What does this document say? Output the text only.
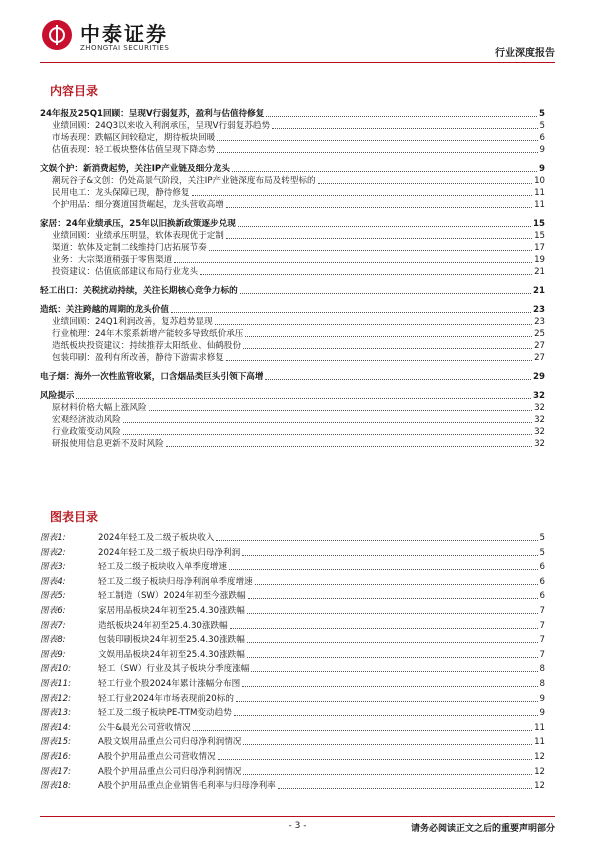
中泰证券
ZHONGTAI SECURITIES	行业深度报告
内容目录
24年报及25Q1回顾：呈现V行弱复苏，盈利与估值待修复	5
业绩回顾：24Q3以来收入利润承压，呈现V行弱复苏趋势	5
市场表现：跌幅区间较稳定，期待板块回暖	6
估值表现：轻工板块整体估值呈现下降态势	9
文娱个护：新消费起势，关注IP产业链及细分龙头	9
潮玩谷子&文创：仍处高景气阶段，关注IP产业链深度布局及转型标的	10
民用电工：龙头保障已现，静待修复	11
个护用品：细分赛道国货崛起，龙头营收高增	11
家居：24年业绩承压，25年以旧换新政策逐步兑现	15
业绩回顾：业绩承压明显，软体表现优于定制	15
渠道：软体及定制二线维持门店拓展节奏	17
业务：大宗渠道稍强于零售渠道	19
投资建议：估值底部建议布局行业龙头	21
轻工出口：关税扰动持续，关注长期核心竞争力标的	21
造纸：关注跨越的周期的龙头价值	23
业绩回顾：24Q1利润改善，复苏趋势显现	23
行业梳理：24年木浆系新增产能较多导致纸价承压	25
造纸板块投资建议：持续推荐太阳纸业、仙鹤股份	27
包装印刷：盈利有所改善，静待下游需求修复	27
电子烟：海外一次性监管收紧，口含烟品类巨头引领下高增	29
风险提示	32
原材料价格大幅上涨风险	32
宏观经济波动风险	32
行业政策变动风险	32
研报使用信息更新不及时风险	32
图表目录
图表1:	2024年轻工及二级子板块收入	5
图表2:	2024年轻工及二级子板块归母净利润	5
图表3:	轻工及二级子板块收入单季度增速	6
图表4:	轻工及二级子板块归母净利润单季度增速	6
图表5:	轻工制造（SW）2024年初至今涨跌幅	6
图表6:	家居用品板块24年初至25.4.30涨跌幅	7
图表7:	造纸板块24年初至25.4.30涨跌幅	7
图表8:	包装印刷板块24年初至25.4.30涨跌幅	7
图表9:	文娱用品板块24年初至25.4.30涨跌幅	7
图表10:	轻工（SW）行业及其子板块分季度涨幅	8
图表11:	轻工行业个股2024年累计涨幅分布图	8
图表12:	轻工行业2024年市场表现前20标的	9
图表13:	轻工及二级子板块PE-TTM变动趋势	9
图表14:	公牛&晨光公司营收情况	11
图表15:	A股文娱用品重点公司归母净利润情况	11
图表16:	A股个护用品重点公司营收情况	12
图表17:	A股个护用品重点公司归母净利润情况	12
图表18:	A股个护用品重点企业销售毛利率与归母净利率	12
- 3 -	请务必阅读正文之后的重要声明部分
